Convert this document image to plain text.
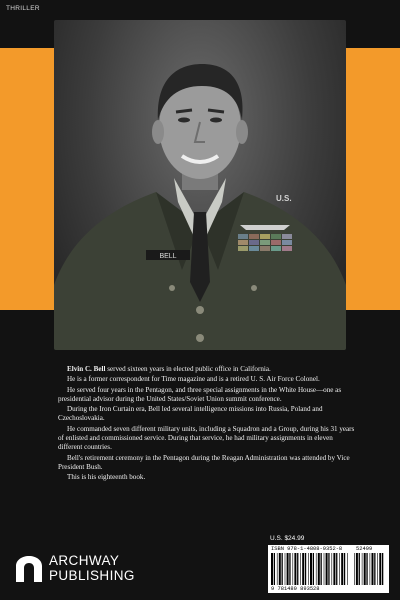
THRILLER
BELL
U.S.

Elvin C. Bell served sixteen years in elected public office in California.

He is a former correspondent for Time magazine and is a retired U. S. Air Force Colonel.

He served four years in the Pentagon, and three special assignments in the White House—one as presidential advisor during the United States/Soviet Union summit conference.

During the Iron Curtain era, Bell led several intelligence missions into Russia, Poland and Czechoslovakia.

He commanded seven different military units, including a Squadron and a Group, during his 31 years of enlisted and commissioned service. During that service, he had military assignments in eleven different countries.

Bell's retirement ceremony in the Pentagon during the Reagan Administration was attended by Vice President Bush.

This is his eighteenth book.

U.S. $24.99
ISBN 978-1-4808-9352-8	52499
9 781480 893528
ARCHWAY
PUBLISHING
